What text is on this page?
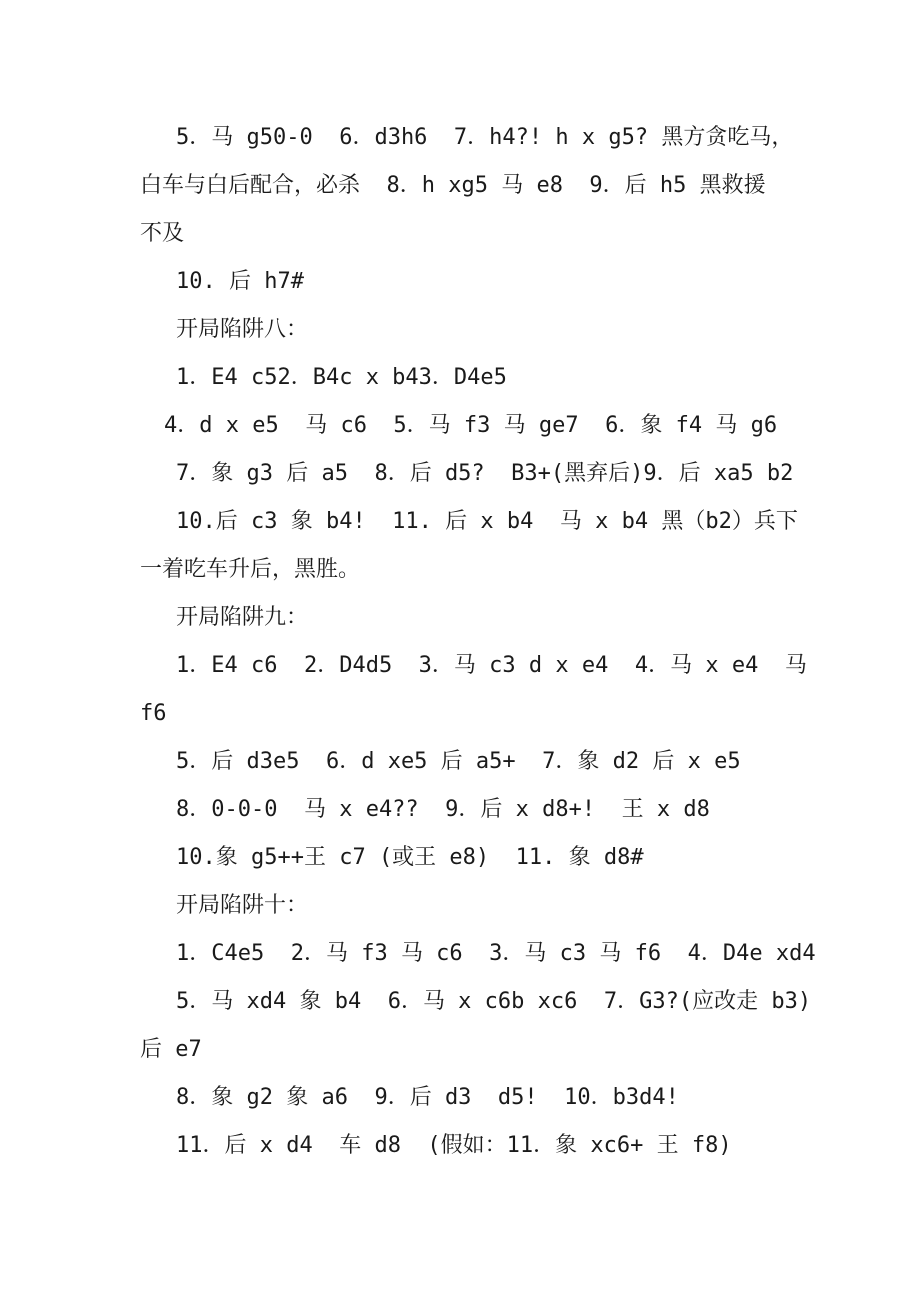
5．马 g50-0  6．d3h6  7．h4?! h x g5? 黑方贪吃马，
白车与白后配合，必杀  8．h xg5 马 e8  9．后 h5 黑救援
不及
10. 后 h7#
开局陷阱八：
1．E4 c52．B4c x b43．D4e5
4．d x e5  马 c6  5．马 f3 马 ge7  6．象 f4 马 g6
7．象 g3 后 a5  8．后 d5?  B3+(黑弃后)9．后 xa5 b2
10.后 c3 象 b4!  11. 后 x b4  马 x b4 黑（b2）兵下
一着吃车升后，黑胜。
开局陷阱九：
1．E4 c6  2．D4d5  3．马 c3 d x e4  4．马 x e4  马
f6
5．后 d3e5  6．d xe5 后 a5+  7．象 d2 后 x e5
8．0-0-0  马 x e4??  9．后 x d8+!  王 x d8
10.象 g5++王 c7 (或王 e8)  11. 象 d8#
开局陷阱十：
1．C4e5  2．马 f3 马 c6  3．马 c3 马 f6  4．D4e xd4
5．马 xd4 象 b4  6．马 x c6b xc6  7．G3?(应改走 b3)
后 e7
8．象 g2 象 a6  9．后 d3  d5!  10．b3d4!
11．后 x d4  车 d8  (假如：11．象 xc6+ 王 f8)
